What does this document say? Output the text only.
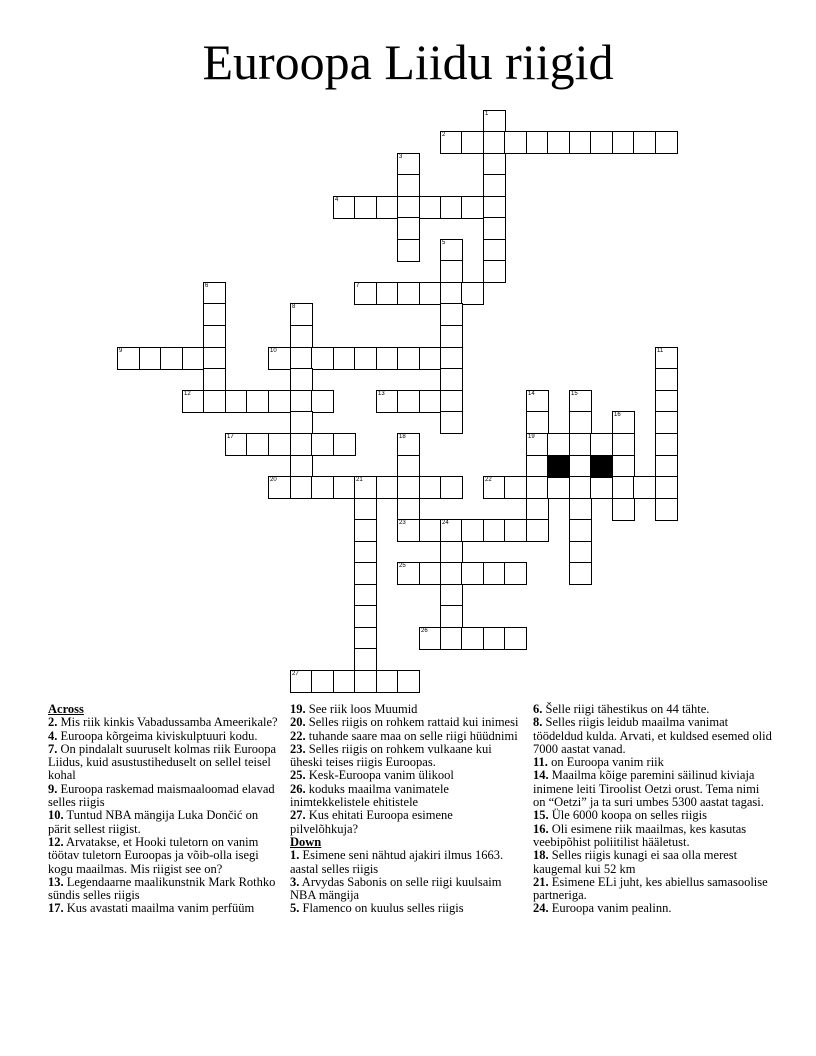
Euroopa Liidu riigid
1
2
3
4
5
6	7
8
9	10	11
12	13	14	15
16
17	18	19
20	21	22
23	24
25
26
27

Across

2. Mis riik kinkis Vabadussamba Ameerikale?

4. Euroopa kõrgeima kiviskulptuuri kodu.

7. On pindalalt suuruselt kolmas riik Euroopa Liidus, kuid asustustiheduselt on sellel teisel kohal

9. Euroopa raskemad maismaaloomad elavad selles riigis

10. Tuntud NBA mängija Luka Dončić on pärit sellest riigist.

12. Arvatakse, et Hooki tuletorn on vanim töötav tuletorn Euroopas ja võib-olla isegi kogu maailmas. Mis riigist see on?

13. Legendaarne maalikunstnik Mark Rothko sündis selles riigis

17. Kus avastati maailma vanim perfüüm

19. See riik loos Muumid

20. Selles riigis on rohkem rattaid kui inimesi

22. tuhande saare maa on selle riigi hüüdnimi

23. Selles riigis on rohkem vulkaane kui üheski teises riigis Euroopas.

25. Kesk-Euroopa vanim ülikool

26. koduks maailma vanimatele inimtekkelistele ehitistele

27. Kus ehitati Euroopa esimene pilvelõhkuja?

Down

1. Esimene seni nähtud ajakiri ilmus 1663. aastal selles riigis

3. Arvydas Sabonis on selle riigi kuulsaim NBA mängija

5. Flamenco on kuulus selles riigis

6. Šelle riigi tähestikus on 44 tähte.

8. Selles riigis leidub maailma vanimat töödeldud kulda. Arvati, et kuldsed esemed olid 7000 aastat vanad.

11. on Euroopa vanim riik

14. Maailma kõige paremini säilinud kiviaja inimene leiti Tiroolist Oetzi orust. Tema nimi on “Oetzi” ja ta suri umbes 5300 aastat tagasi.

15. Üle 6000 koopa on selles riigis

16. Oli esimene riik maailmas, kes kasutas veebipõhist poliitilist hääletust.

18. Selles riigis kunagi ei saa olla merest kaugemal kui 52 km

21. Esimene ELi juht, kes abiellus samasoolise partneriga.

24. Euroopa vanim pealinn.
